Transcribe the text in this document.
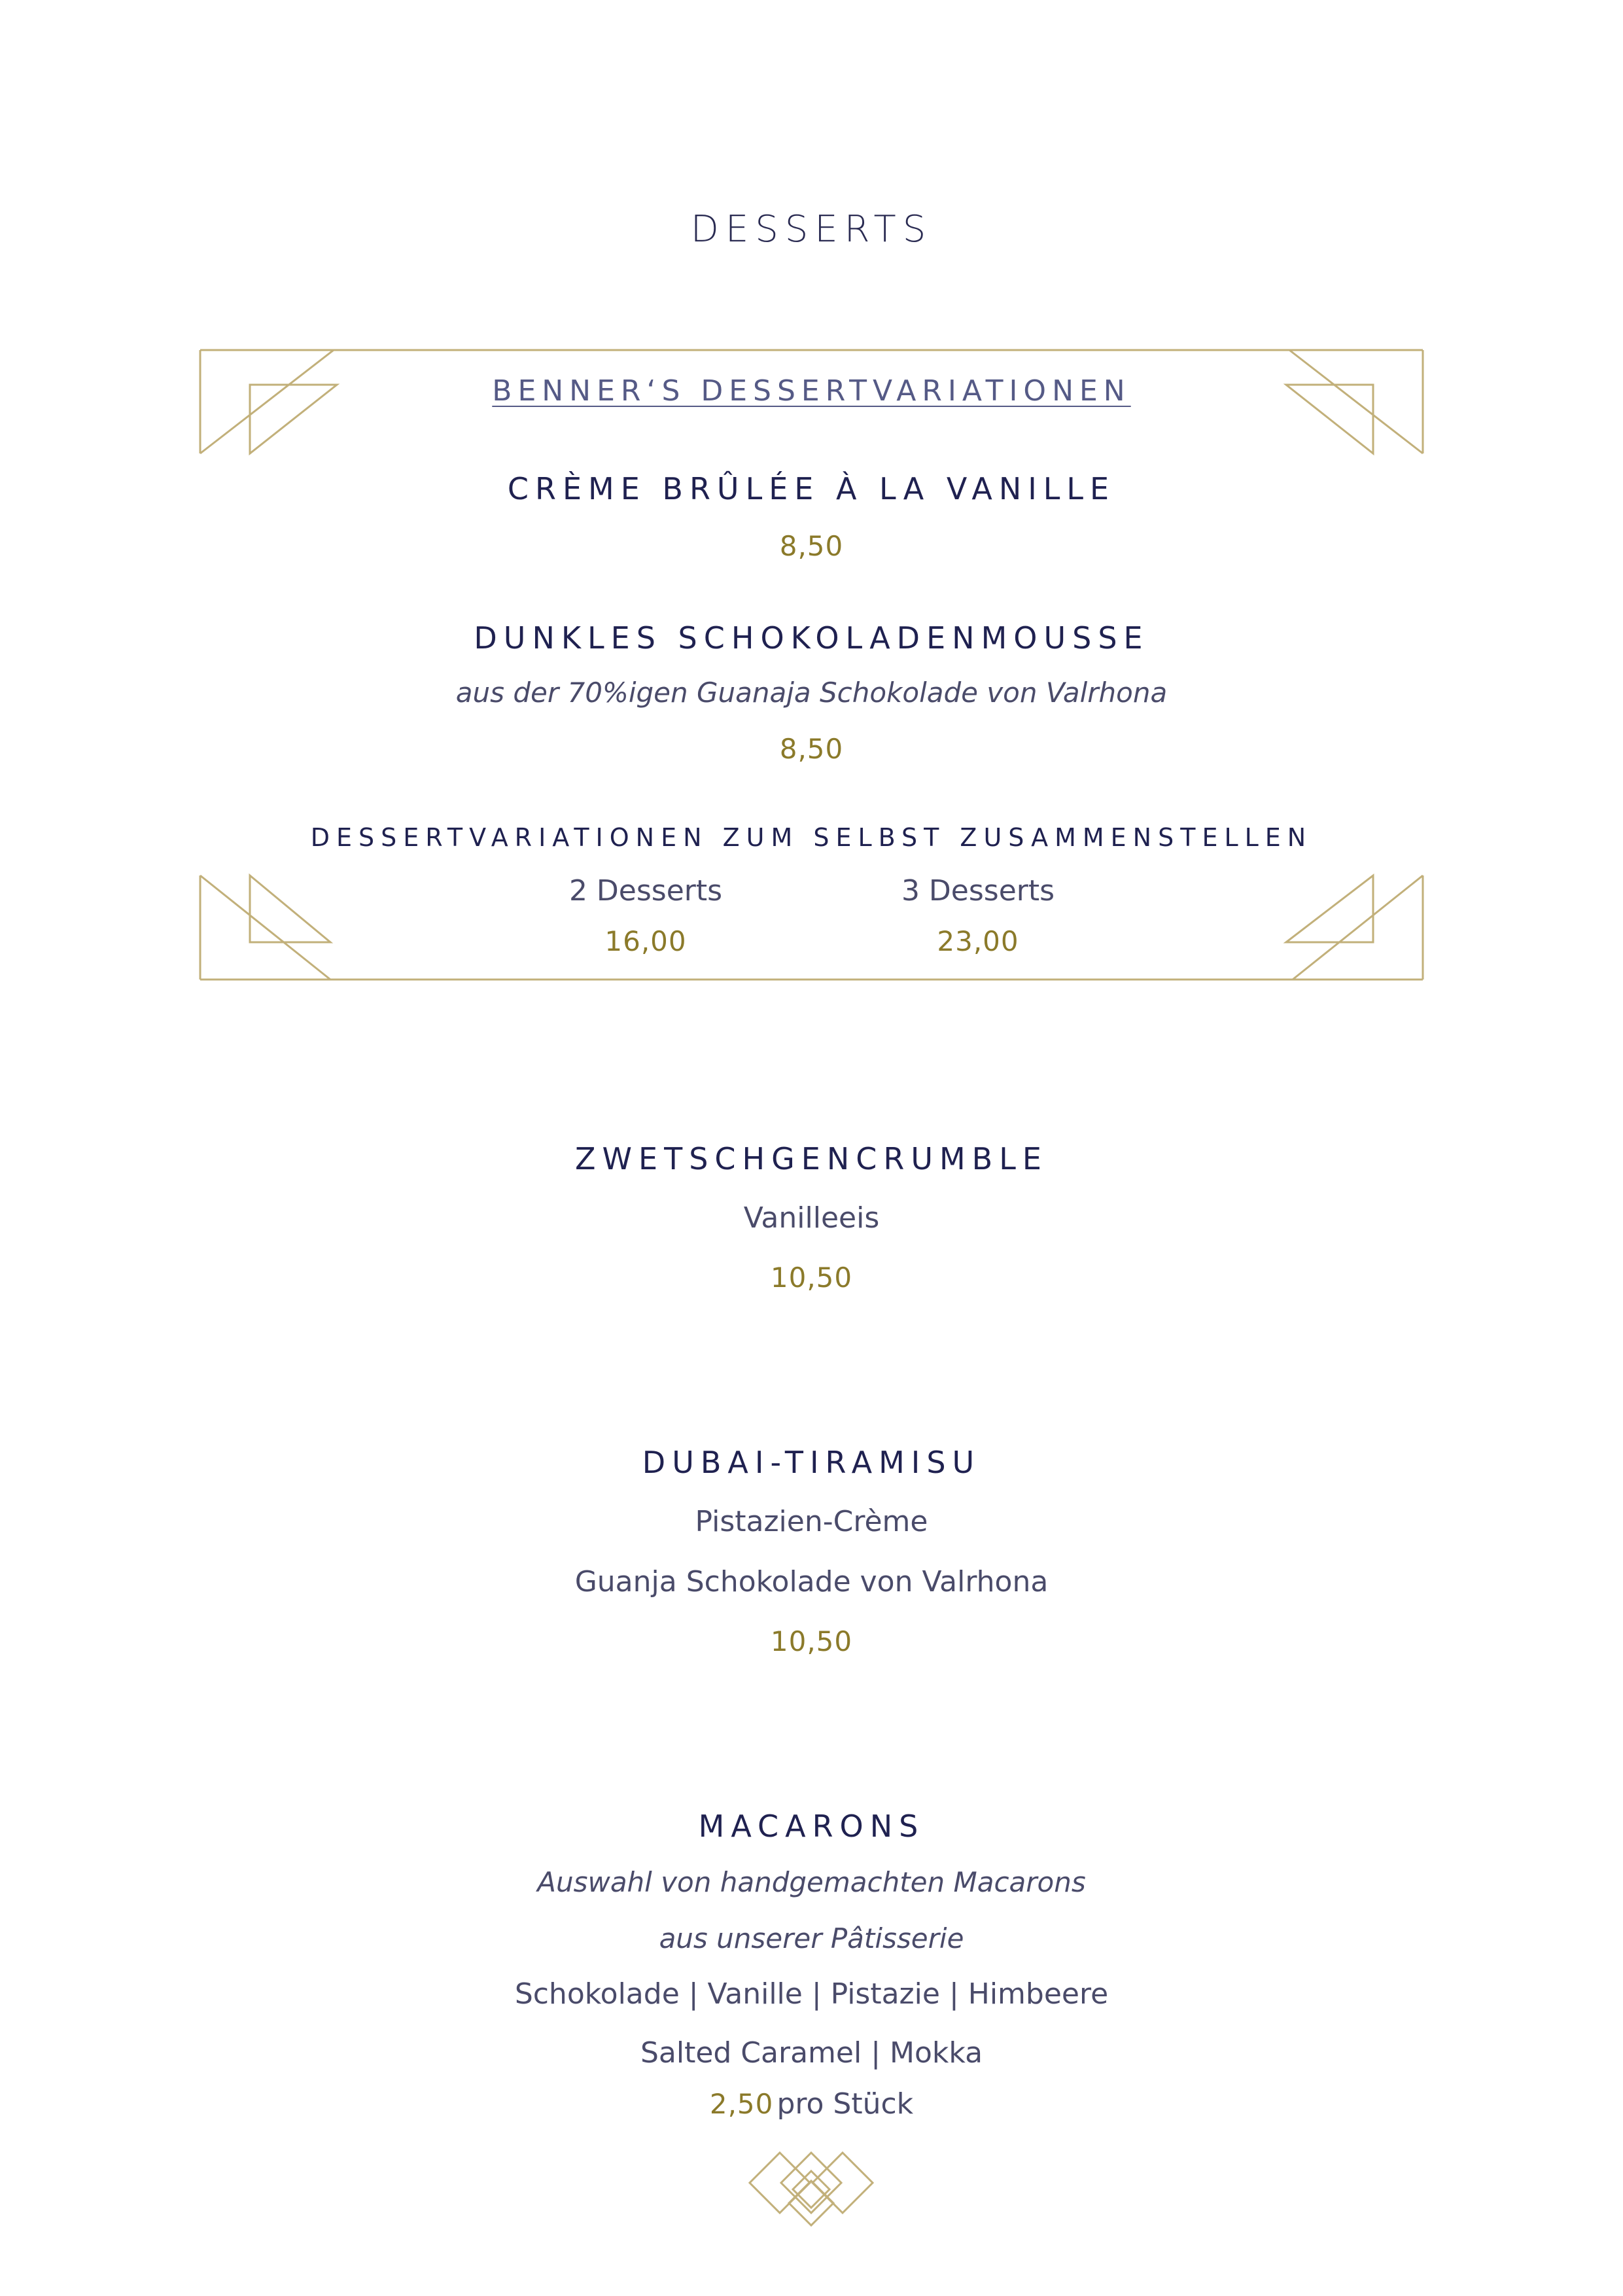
DESSERTS
BENNER‘S DESSERTVARIATIONEN
CRÈME BRÛLÉE À LA VANILLE
8,50
DUNKLES SCHOKOLADENMOUSSE
aus der 70%igen Guanaja Schokolade von Valrhona
8,50
DESSERTVARIATIONEN ZUM SELBST ZUSAMMENSTELLEN
2 Desserts
16,00
3 Desserts
23,00
ZWETSCHGENCRUMBLE
Vanilleeis
10,50
DUBAI-TIRAMISU
Pistazien-Crème
Guanja Schokolade von Valrhona
10,50
MACARONS
Auswahl von handgemachten Macarons
aus unserer Pâtisserie
Schokolade | Vanille | Pistazie | Himbeere
Salted Caramel | Mokka
2,50 pro Stück
